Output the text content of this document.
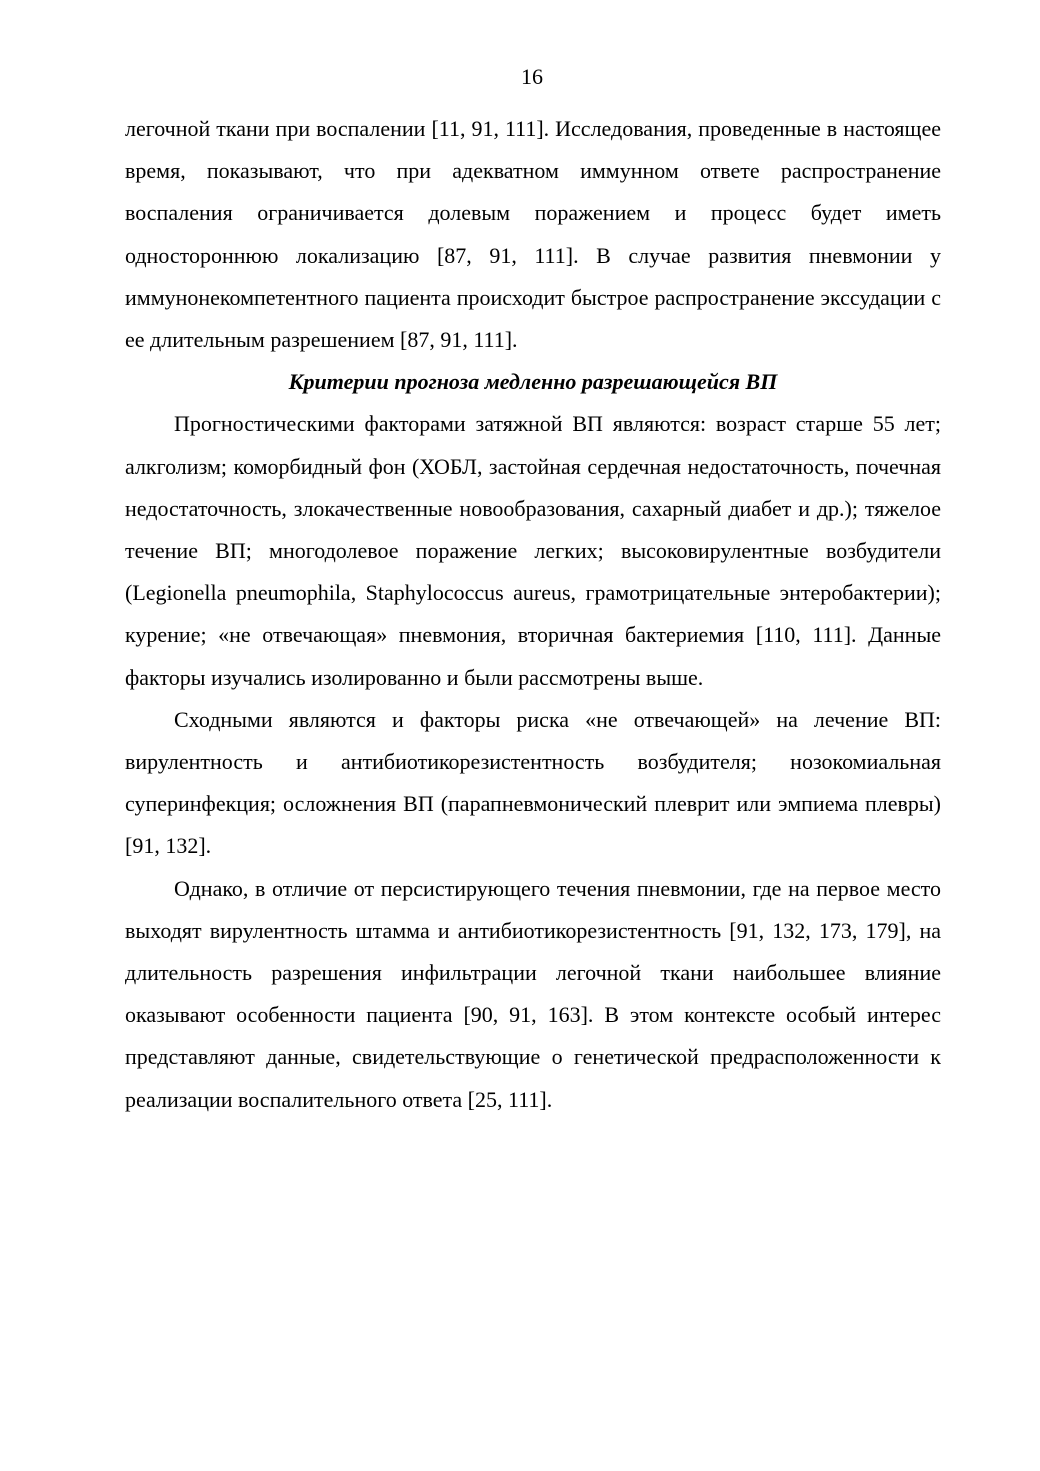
16

легочной ткани при воспалении [11, 91, 111]. Исследования, проведенные в настоящее время, показывают, что при адекватном иммунном ответе распространение воспаления ограничивается долевым поражением и процесс будет иметь одностороннюю локализацию [87, 91, 111]. В случае развития пневмонии у иммунонекомпетентного пациента происходит быстрое распространение экссудации с ее длительным разрешением [87, 91, 111].

Критерии прогноза медленно разрешающейся ВП

Прогностическими факторами затяжной ВП являются: возраст старше 55 лет; алкголизм; коморбидный фон (ХОБЛ, застойная сердечная недостаточность, почечная недостаточность, злокачественные новообразования, сахарный диабет и др.); тяжелое течение ВП; многодолевое поражение легких; высоковирулентные возбудители (Legionella pneumophila, Staphylococcus aureus, грамотрицательные энтеробактерии); курение; «не отвечающая» пневмония, вторичная бактериемия [110, 111]. Данные факторы изучались изолированно и были рассмотрены выше.

Сходными являются и факторы риска «не отвечающей» на лечение ВП: вирулентность и антибиотикорезистентность возбудителя; нозокомиальная суперинфекция; осложнения ВП (парапневмонический плеврит или эмпиема плевры) [91, 132].

Однако, в отличие от персистирующего течения пневмонии, где на первое место выходят вирулентность штамма и антибиотикорезистентность [91, 132, 173, 179], на длительность разрешения инфильтрации легочной ткани наибольшее влияние оказывают особенности пациента [90, 91, 163]. В этом контексте особый интерес представляют данные, свидетельствующие о генетической предрасположенности к реализации воспалительного ответа [25, 111].
